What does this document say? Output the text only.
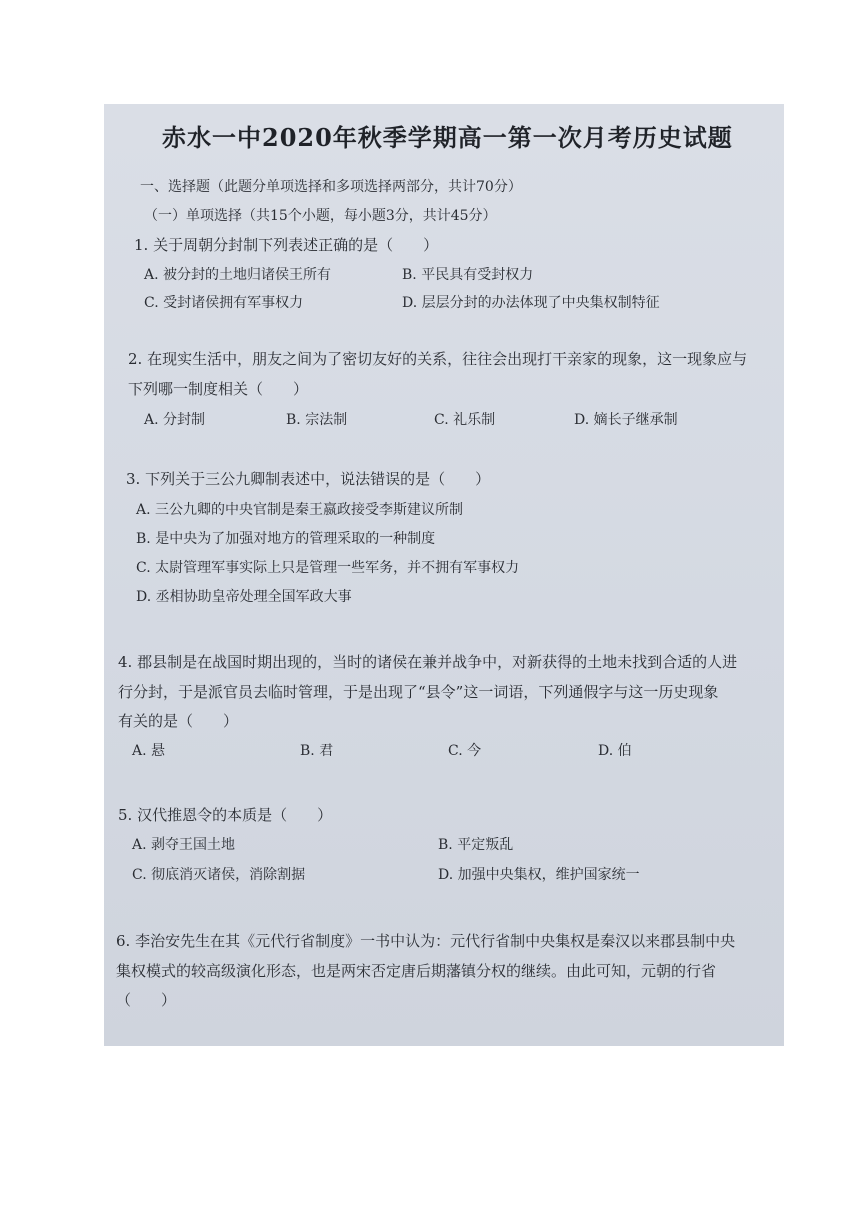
赤水一中2020年秋季学期高一第一次月考历史试题
一、选择题（此题分单项选择和多项选择两部分，共计70分）
（一）单项选择（共15个小题，每小题3分，共计45分）
1. 关于周朝分封制下列表述正确的是（　　）
A. 被分封的土地归诸侯王所有	B. 平民具有受封权力
C. 受封诸侯拥有军事权力	D. 层层分封的办法体现了中央集权制特征
2. 在现实生活中，朋友之间为了密切友好的关系，往往会出现打干亲家的现象，这一现象应与
下列哪一制度相关（　　）
A. 分封制	B. 宗法制	C. 礼乐制	D. 嫡长子继承制
3. 下列关于三公九卿制表述中，说法错误的是（　　）
A. 三公九卿的中央官制是秦王嬴政接受李斯建议所制
B. 是中央为了加强对地方的管理采取的一种制度
C. 太尉管理军事实际上只是管理一些军务，并不拥有军事权力
D. 丞相协助皇帝处理全国军政大事
4. 郡县制是在战国时期出现的，当时的诸侯在兼并战争中，对新获得的土地未找到合适的人进
行分封，于是派官员去临时管理，于是出现了“县令”这一词语，下列通假字与这一历史现象
有关的是（　　）
A. 悬	B. 君	C. 今	D. 伯
5. 汉代推恩令的本质是（　　）
A. 剥夺王国土地	B. 平定叛乱
C. 彻底消灭诸侯，消除割据	D. 加强中央集权，维护国家统一
6. 李治安先生在其《元代行省制度》一书中认为：元代行省制中央集权是秦汉以来郡县制中央
集权模式的较高级演化形态，也是两宋否定唐后期藩镇分权的继续。由此可知，元朝的行省
（　　）
